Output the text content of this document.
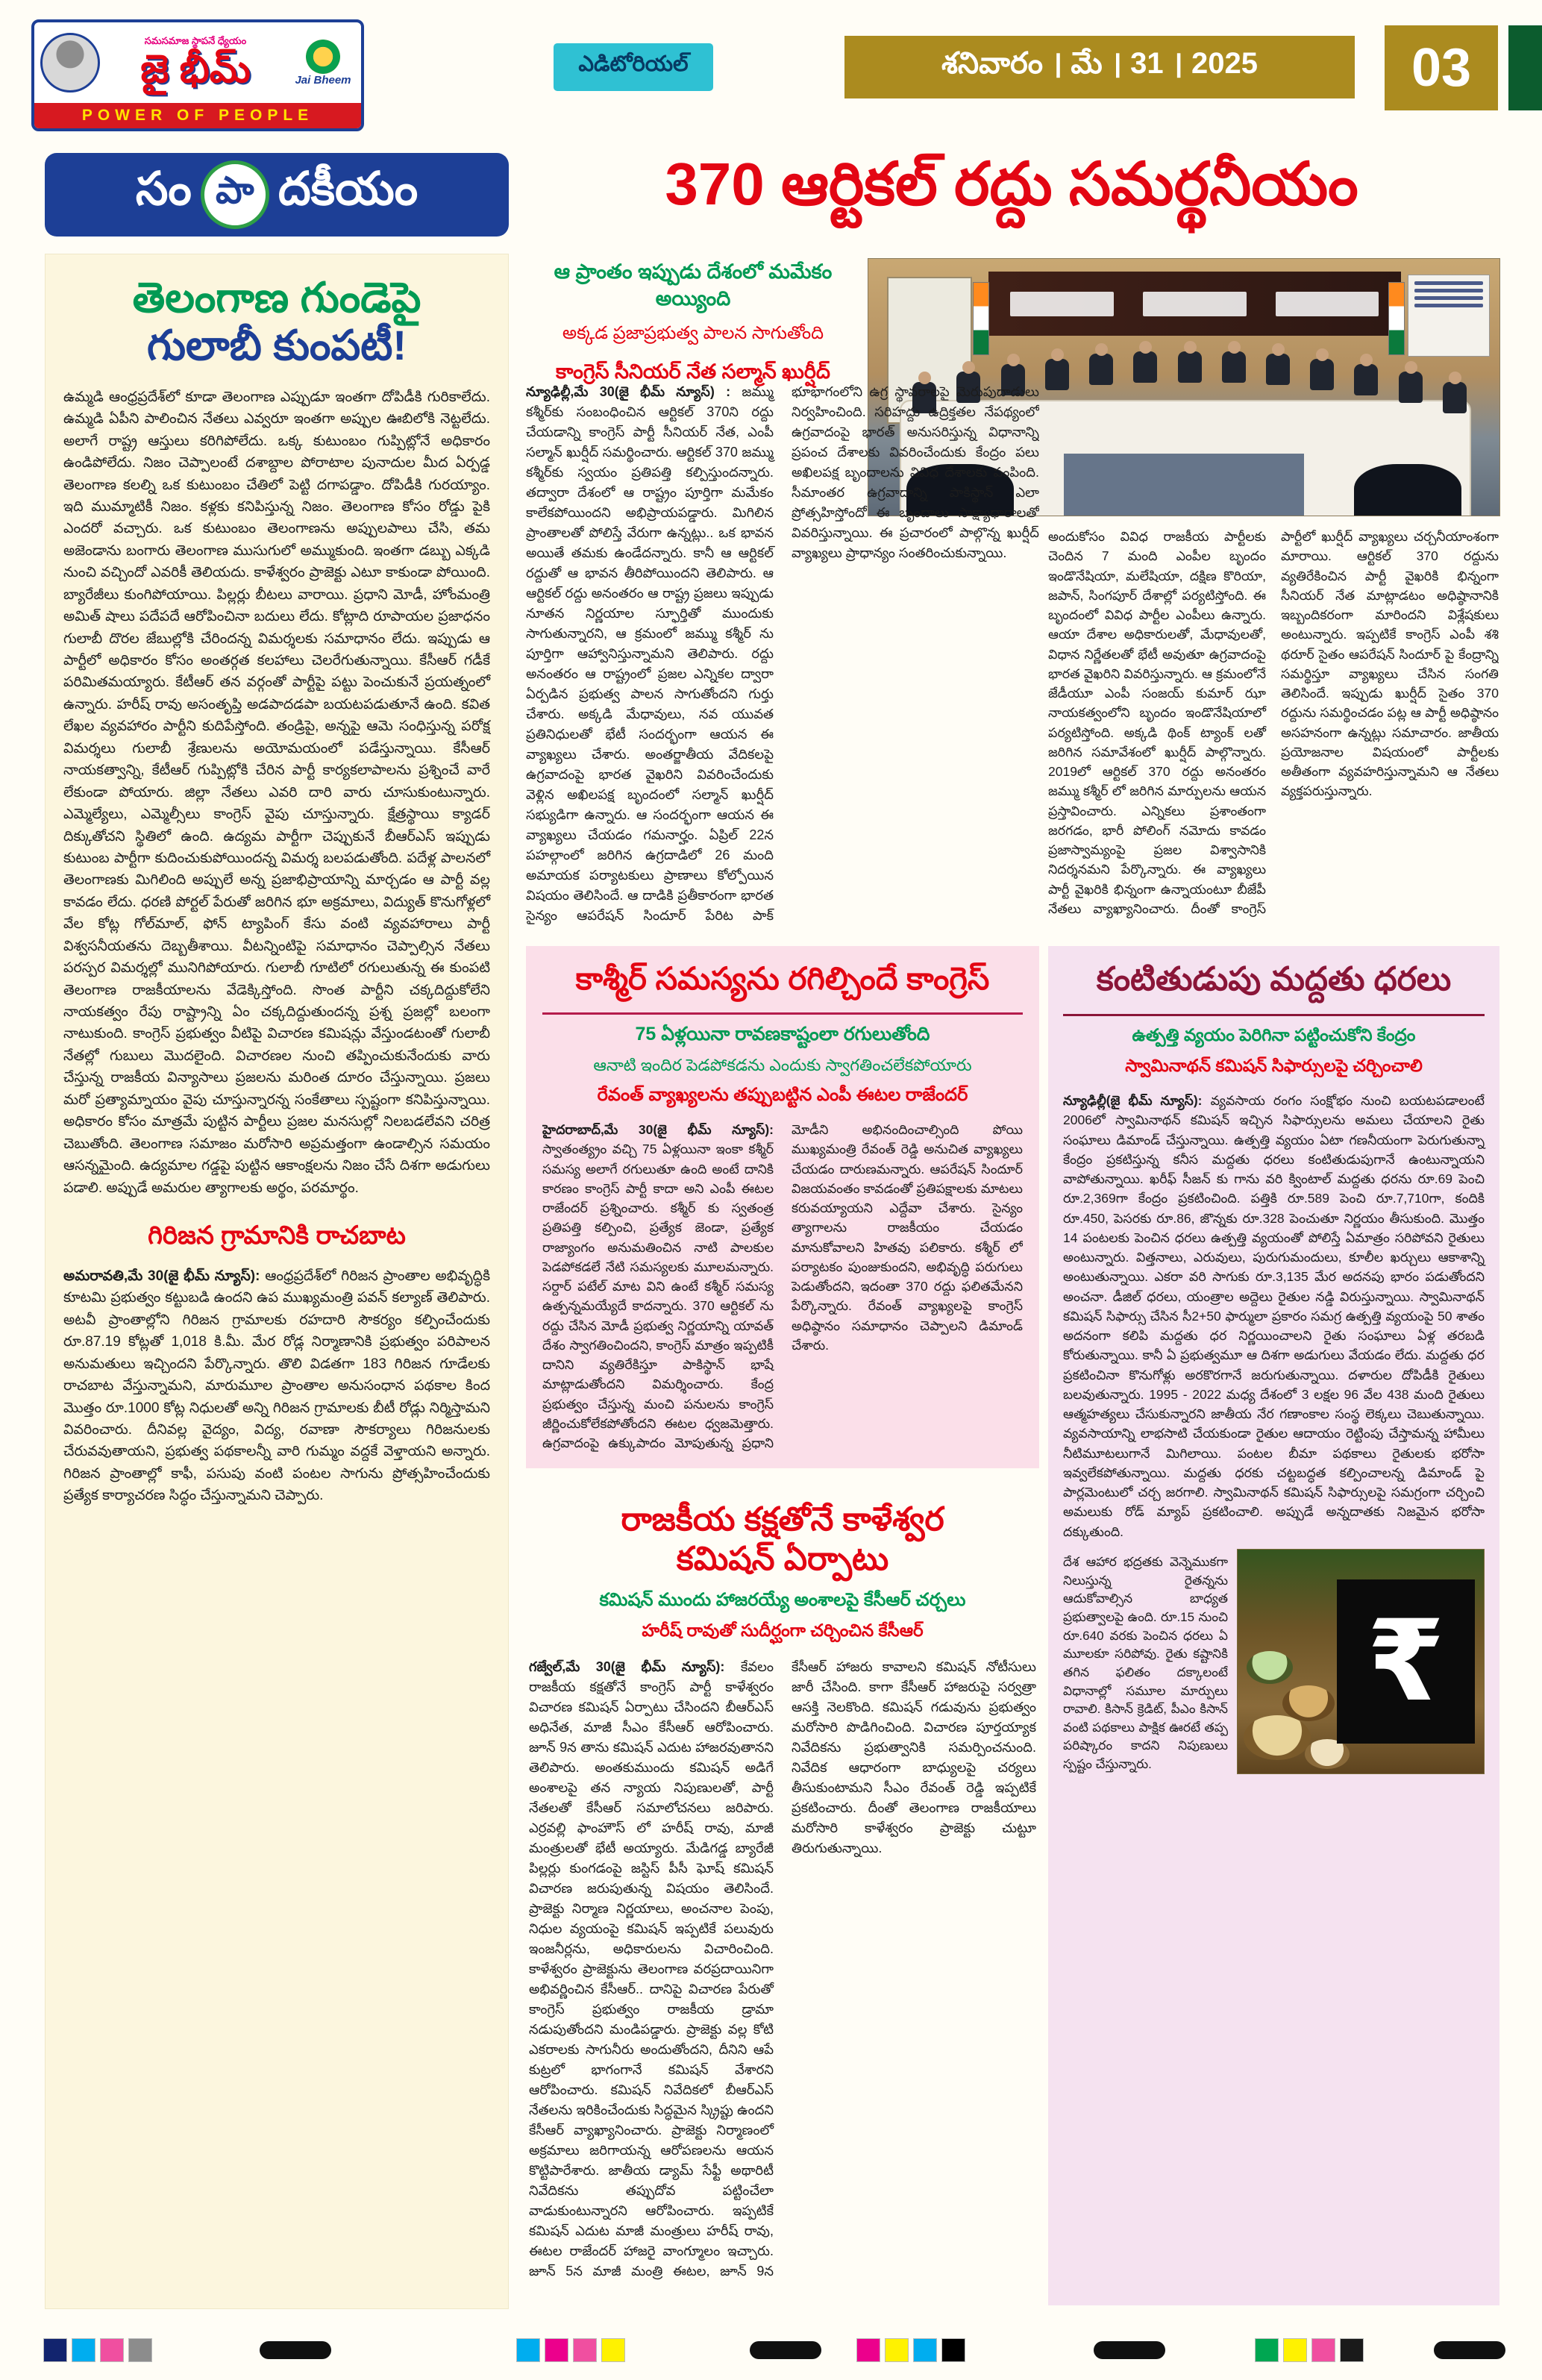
సమసమాజ స్థాపనే ధ్యేయం
జై భీమ్	Jai Bheem
POWER OF PEOPLE
ఎడిటోరియల్	శనివారం । మే । 31 । 2025	03
సం పా దకీయం	370 ఆర్టికల్ రద్దు సమర్థనీయం
తెలంగాణ గుండెపై
గులాబీ కుంపటీ!
ఉమ్మడి ఆంధ్రప్రదేశ్‌లో కూడా తెలంగాణ ఎప్పుడూ ఇంతగా దోపిడీకి గురికాలేదు. ఉమ్మడి ఏపీని పాలించిన నేతలు ఎవ్వరూ ఇంతగా అప్పుల ఊబిలోకి నెట్టలేదు. అలాగే రాష్ట్ర ఆస్తులు కరిగిపోలేదు. ఒక్క కుటుంబం గుప్పిట్లోనే అధికారం ఉండిపోలేదు. నిజం చెప్పాలంటే దశాబ్దాల పోరాటాల పునాదుల మీద ఏర్పడ్డ తెలంగాణ కలల్ని ఒక కుటుంబం చేతిలో పెట్టి దగాపడ్డాం. దోపిడీకి గురయ్యాం. ఇది ముమ్మాటికీ నిజం. కళ్లకు కనిపిస్తున్న నిజం. తెలంగాణ కోసం రోడ్డు పైకి ఎందరో వచ్చారు. ఒక కుటుంబం తెలంగాణను అప్పులపాలు చేసి, తమ అజెండాను బంగారు తెలంగాణ ముసుగులో అమ్ముకుంది. ఇంతగా డబ్బు ఎక్కడి నుంచి వచ్చిందో ఎవరికీ తెలియదు. కాళేశ్వరం ప్రాజెక్టు ఎటూ కాకుండా పోయింది. బ్యారేజీలు కుంగిపోయాయి. పిల్లర్లు బీటలు వారాయి. ప్రధాని మోడీ, హోంమంత్రి అమిత్ షాలు పదేపదే ఆరోపించినా బదులు లేదు. కోట్లాది రూపాయల ప్రజాధనం గులాబీ దొరల జేబుల్లోకి చేరిందన్న విమర్శలకు సమాధానం లేదు. ఇప్పుడు ఆ పార్టీలో అధికారం కోసం అంతర్గత కలహాలు చెలరేగుతున్నాయి. కేసీఆర్ గడీకే పరిమితమయ్యారు. కేటీఆర్ తన వర్గంతో పార్టీపై పట్టు పెంచుకునే ప్రయత్నంలో ఉన్నారు. హరీష్ రావు అసంతృప్తి అడపాదడపా బయటపడుతూనే ఉంది. కవిత లేఖల వ్యవహారం పార్టీని కుదిపేస్తోంది. తండ్రిపై, అన్నపై ఆమె సంధిస్తున్న పరోక్ష విమర్శలు గులాబీ శ్రేణులను అయోమయంలో పడేస్తున్నాయి. కేసీఆర్ నాయకత్వాన్ని, కేటీఆర్ గుప్పిట్లోకి చేరిన పార్టీ కార్యకలాపాలను ప్రశ్నించే వారే లేకుండా పోయారు. జిల్లా నేతలు ఎవరి దారి వారు చూసుకుంటున్నారు. ఎమ్మెల్యేలు, ఎమ్మెల్సీలు కాంగ్రెస్ వైపు చూస్తున్నారు. క్షేత్రస్థాయి క్యాడర్ దిక్కుతోచని స్థితిలో ఉంది. ఉద్యమ పార్టీగా చెప్పుకునే బీఆర్ఎస్ ఇప్పుడు కుటుంబ పార్టీగా కుదించుకుపోయిందన్న విమర్శ బలపడుతోంది. పదేళ్ల పాలనలో తెలంగాణకు మిగిలింది అప్పులే అన్న ప్రజాభిప్రాయాన్ని మార్చడం ఆ పార్టీ వల్ల కావడం లేదు. ధరణి పోర్టల్ పేరుతో జరిగిన భూ అక్రమాలు, విద్యుత్ కొనుగోళ్లలో వేల కోట్ల గోల్‌మాల్, ఫోన్ ట్యాపింగ్ కేసు వంటి వ్యవహారాలు పార్టీ విశ్వసనీయతను దెబ్బతీశాయి. వీటన్నింటిపై సమాధానం చెప్పాల్సిన నేతలు పరస్పర విమర్శల్లో మునిగిపోయారు. గులాబీ గూటిలో రగులుతున్న ఈ కుంపటి తెలంగాణ రాజకీయాలను వేడెక్కిస్తోంది. సొంత పార్టీని చక్కదిద్దుకోలేని నాయకత్వం రేపు రాష్ట్రాన్ని ఏం చక్కదిద్దుతుందన్న ప్రశ్న ప్రజల్లో బలంగా నాటుకుంది. కాంగ్రెస్ ప్రభుత్వం వీటిపై విచారణ కమిషన్లు వేస్తుండటంతో గులాబీ నేతల్లో గుబులు మొదలైంది. విచారణల నుంచి తప్పించుకునేందుకు వారు చేస్తున్న రాజకీయ విన్యాసాలు ప్రజలను మరింత దూరం చేస్తున్నాయి. ప్రజలు మరో ప్రత్యామ్నాయం వైపు చూస్తున్నారన్న సంకేతాలు స్పష్టంగా కనిపిస్తున్నాయి. అధికారం కోసం మాత్రమే పుట్టిన పార్టీలు ప్రజల మనసుల్లో నిలబడలేవని చరిత్ర చెబుతోంది. తెలంగాణ సమాజం మరోసారి అప్రమత్తంగా ఉండాల్సిన సమయం ఆసన్నమైంది. ఉద్యమాల గడ్డపై పుట్టిన ఆకాంక్షలను నిజం చేసే దిశగా అడుగులు పడాలి. అప్పుడే అమరుల త్యాగాలకు అర్థం, పరమార్థం.
గిరిజన గ్రామానికి రాచబాట
అమరావతి,మే 30(జై భీమ్ న్యూస్): ఆంధ్రప్రదేశ్‌లో గిరిజన ప్రాంతాల అభివృద్ధికి కూటమి ప్రభుత్వం కట్టుబడి ఉందని ఉప ముఖ్యమంత్రి పవన్ కల్యాణ్ తెలిపారు. అటవీ ప్రాంతాల్లోని గిరిజన గ్రామాలకు రహదారి సౌకర్యం కల్పించేందుకు రూ.87.19 కోట్లతో 1,018 కి.మీ. మేర రోడ్ల నిర్మాణానికి ప్రభుత్వం పరిపాలన అనుమతులు ఇచ్చిందని పేర్కొన్నారు. తొలి విడతగా 183 గిరిజన గూడేలకు రాచబాట వేస్తున్నామని, మారుమూల ప్రాంతాల అనుసంధాన పథకాల కింద మొత్తం రూ.1000 కోట్ల నిధులతో అన్ని గిరిజన గ్రామాలకు బీటీ రోడ్లు నిర్మిస్తామని వివరించారు. దీనివల్ల వైద్యం, విద్య, రవాణా సౌకర్యాలు గిరిజనులకు చేరువవుతాయని, ప్రభుత్వ పథకాలన్నీ వారి గుమ్మం వద్దకే వెళ్తాయని అన్నారు. గిరిజన ప్రాంతాల్లో కాఫీ, పసుపు వంటి పంటల సాగును ప్రోత్సహించేందుకు ప్రత్యేక కార్యాచరణ సిద్ధం చేస్తున్నామని చెప్పారు.
ఆ ప్రాంతం ఇప్పుడు దేశంలో మమేకం అయ్యింది
అక్కడ ప్రజాప్రభుత్వ పాలన సాగుతోంది
కాంగ్రెస్ సీనియర్ నేత సల్మాన్ ఖుర్షీద్
న్యూఢిల్లీ,మే 30(జై భీమ్ న్యూస్) : జమ్ము కశ్మీర్‌కు సంబంధించిన ఆర్టికల్ 370ని రద్దు చేయడాన్ని కాంగ్రెస్ పార్టీ సీనియర్ నేత, ఎంపీ సల్మాన్ ఖుర్షీద్ సమర్థించారు. ఆర్టికల్ 370 జమ్ము కశ్మీర్‌కు స్వయం ప్రతిపత్తి కల్పిస్తుందన్నారు. తద్వారా దేశంలో ఆ రాష్ట్రం పూర్తిగా మమేకం కాలేకపోయిందని అభిప్రాయపడ్డారు. మిగిలిన ప్రాంతాలతో పోలిస్తే వేరుగా ఉన్నట్లు.. ఒక భావన అయితే తమకు ఉండేదన్నారు. కానీ ఆ ఆర్టికల్ రద్దుతో ఆ భావన తీరిపోయిందని తెలిపారు. ఆ ఆర్టికల్ రద్దు అనంతరం ఆ రాష్ట్ర ప్రజలు ఇప్పుడు నూతన నిర్ణయాల స్ఫూర్తితో ముందుకు సాగుతున్నారని, ఆ క్రమంలో జమ్ము కశ్మీర్ ను పూర్తిగా ఆహ్వానిస్తున్నామని తెలిపారు. రద్దు అనంతరం ఆ రాష్ట్రంలో ప్రజల ఎన్నికల ద్వారా ఏర్పడిన ప్రభుత్వ పాలన సాగుతోందని గుర్తు చేశారు. అక్కడి మేధావులు, నవ యువత ప్రతినిధులతో భేటీ సందర్భంగా ఆయన ఈ వ్యాఖ్యలు చేశారు. అంతర్జాతీయ వేదికలపై ఉగ్రవాదంపై భారత వైఖరిని వివరించేందుకు వెళ్లిన అఖిలపక్ష బృందంలో సల్మాన్ ఖుర్షీద్ సభ్యుడిగా ఉన్నారు. ఆ సందర్భంగా ఆయన ఈ వ్యాఖ్యలు చేయడం గమనార్హం. ఏప్రిల్ 22న పహల్గాంలో జరిగిన ఉగ్రదాడిలో 26 మంది అమాయక పర్యాటకులు ప్రాణాలు కోల్పోయిన విషయం తెలిసిందే. ఆ దాడికి ప్రతీకారంగా భారత సైన్యం ఆపరేషన్ సిందూర్ పేరిట పాక్ భూభాగంలోని ఉగ్ర స్థావరాలపై మెరుపుదాడులు నిర్వహించింది. సరిహద్దు ఉద్రిక్తతల నేపథ్యంలో ఉగ్రవాదంపై భారత్ అనుసరిస్తున్న విధానాన్ని ప్రపంచ దేశాలకు వివరించేందుకు కేంద్రం పలు అఖిలపక్ష బృందాలను వివిధ దేశాలకు పంపింది. సీమాంతర ఉగ్రవాదాన్ని పాకిస్థాన్ ఎలా ప్రోత్సహిస్తోందో ఈ బృందాలు సాక్ష్యాధారాలతో వివరిస్తున్నాయి. ఈ ప్రచారంలో పాల్గొన్న ఖుర్షీద్ వ్యాఖ్యలు ప్రాధాన్యం సంతరించుకున్నాయి.
అందుకోసం వివిధ రాజకీయ పార్టీలకు చెందిన 7 మంది ఎంపీల బృందం ఇండొనేషియా, మలేషియా, దక్షిణ కొరియా, జపాన్, సింగపూర్ దేశాల్లో పర్యటిస్తోంది. ఈ బృందంలో వివిధ పార్టీల ఎంపీలు ఉన్నారు. ఆయా దేశాల అధికారులతో, మేధావులతో, విధాన నిర్ణేతలతో భేటీ అవుతూ ఉగ్రవాదంపై భారత వైఖరిని వివరిస్తున్నారు. ఆ క్రమంలోనే జేడీయూ ఎంపీ సంజయ్ కుమార్ ఝా నాయకత్వంలోని బృందం ఇండొనేషియాలో పర్యటిస్తోంది. అక్కడి థింక్ ట్యాంక్ లతో జరిగిన సమావేశంలో ఖుర్షీద్ పాల్గొన్నారు. 2019లో ఆర్టికల్ 370 రద్దు అనంతరం జమ్ము కశ్మీర్ లో జరిగిన మార్పులను ఆయన ప్రస్తావించారు. ఎన్నికలు ప్రశాంతంగా జరగడం, భారీ పోలింగ్ నమోదు కావడం ప్రజాస్వామ్యంపై ప్రజల విశ్వాసానికి నిదర్శనమని పేర్కొన్నారు. ఈ వ్యాఖ్యలు పార్టీ వైఖరికి భిన్నంగా ఉన్నాయంటూ బీజేపీ నేతలు వ్యాఖ్యానించారు. దీంతో కాంగ్రెస్ పార్టీలో ఖుర్షీద్ వ్యాఖ్యలు చర్చనీయాంశంగా మారాయి. ఆర్టికల్ 370 రద్దును వ్యతిరేకించిన పార్టీ వైఖరికి భిన్నంగా సీనియర్ నేత మాట్లాడటం అధిష్ఠానానికి ఇబ్బందికరంగా మారిందని విశ్లేషకులు అంటున్నారు. ఇప్పటికే కాంగ్రెస్ ఎంపీ శశి థరూర్ సైతం ఆపరేషన్ సిందూర్ పై కేంద్రాన్ని సమర్థిస్తూ వ్యాఖ్యలు చేసిన సంగతి తెలిసిందే. ఇప్పుడు ఖుర్షీద్ సైతం 370 రద్దును సమర్థించడం పట్ల ఆ పార్టీ అధిష్ఠానం అసహనంగా ఉన్నట్లు సమాచారం. జాతీయ ప్రయోజనాల విషయంలో పార్టీలకు అతీతంగా వ్యవహరిస్తున్నామని ఆ నేతలు వ్యక్తపరుస్తున్నారు.
కాశ్మీర్ సమస్యను రగిల్చిందే కాంగ్రెస్
75 ఏళ్లయినా రావణకాష్టంలా రగులుతోంది
ఆనాటి ఇందిర పెడపోకడను ఎందుకు స్వాగతించలేకపోయారు
రేవంత్ వ్యాఖ్యలను తప్పుబట్టిన ఎంపీ ఈటల రాజేందర్
హైదరాబాద్,మే 30(జై భీమ్ న్యూస్): స్వాతంత్య్రం వచ్చి 75 ఏళ్లయినా ఇంకా కశ్మీర్ సమస్య అలాగే రగులుతూ ఉంది అంటే దానికి కారణం కాంగ్రెస్ పార్టీ కాదా అని ఎంపీ ఈటల రాజేందర్ ప్రశ్నించారు. కశ్మీర్ కు స్వతంత్ర ప్రతిపత్తి కల్పించి, ప్రత్యేక జెండా, ప్రత్యేక రాజ్యాంగం అనుమతించిన నాటి పాలకుల పెడపోకడలే నేటి సమస్యలకు మూలమన్నారు. సర్దార్ పటేల్ మాట విని ఉంటే కశ్మీర్ సమస్య ఉత్పన్నమయ్యేదే కాదన్నారు. 370 ఆర్టికల్ ను రద్దు చేసిన మోడీ ప్రభుత్వ నిర్ణయాన్ని యావత్ దేశం స్వాగతించిందని, కాంగ్రెస్ మాత్రం ఇప్పటికీ దానిని వ్యతిరేకిస్తూ పాకిస్థాన్ భాషే మాట్లాడుతోందని విమర్శించారు. కేంద్ర ప్రభుత్వం చేస్తున్న మంచి పనులను కాంగ్రెస్ జీర్ణించుకోలేకపోతోందని ఈటల ధ్వజమెత్తారు. ఉగ్రవాదంపై ఉక్కుపాదం మోపుతున్న ప్రధాని మోడీని అభినందించాల్సింది పోయి ముఖ్యమంత్రి రేవంత్ రెడ్డి అనుచిత వ్యాఖ్యలు చేయడం దారుణమన్నారు. ఆపరేషన్ సిందూర్ విజయవంతం కావడంతో ప్రతిపక్షాలకు మాటలు కరువయ్యాయని ఎద్దేవా చేశారు. సైన్యం త్యాగాలను రాజకీయం చేయడం మానుకోవాలని హితవు పలికారు. కశ్మీర్ లో పర్యాటకం పుంజుకుందని, అభివృద్ధి పరుగులు పెడుతోందని, ఇదంతా 370 రద్దు ఫలితమేనని పేర్కొన్నారు. రేవంత్ వ్యాఖ్యలపై కాంగ్రెస్ అధిష్ఠానం సమాధానం చెప్పాలని డిమాండ్ చేశారు.
రాజకీయ కక్షతోనే కాళేశ్వర
కమిషన్ ఏర్పాటు
కమిషన్ ముందు హాజరయ్యే అంశాలపై కేసీఆర్ చర్చలు
హరీష్ రావుతో సుదీర్ఘంగా చర్చించిన కేసీఆర్
గజ్వేల్,మే 30(జై భీమ్ న్యూస్): కేవలం రాజకీయ కక్షతోనే కాంగ్రెస్ పార్టీ కాళేశ్వరం విచారణ కమిషన్ ఏర్పాటు చేసిందని బీఆర్ఎస్ అధినేత, మాజీ సీఎం కేసీఆర్ ఆరోపించారు. జూన్ 9న తాను కమిషన్ ఎదుట హాజరవుతానని తెలిపారు. అంతకుముందు కమిషన్ అడిగే అంశాలపై తన న్యాయ నిపుణులతో, పార్టీ నేతలతో కేసీఆర్ సమాలోచనలు జరిపారు. ఎర్రవల్లి ఫాంహౌస్ లో హరీష్ రావు, మాజీ మంత్రులతో భేటీ అయ్యారు. మేడిగడ్డ బ్యారేజీ పిల్లర్లు కుంగడంపై జస్టిస్ పీసీ ఘోష్ కమిషన్ విచారణ జరుపుతున్న విషయం తెలిసిందే. ప్రాజెక్టు నిర్మాణ నిర్ణయాలు, అంచనాల పెంపు, నిధుల వ్యయంపై కమిషన్ ఇప్పటికే పలువురు ఇంజనీర్లను, అధికారులను విచారించింది. కాళేశ్వరం ప్రాజెక్టును తెలంగాణ వరప్రదాయినిగా అభివర్ణించిన కేసీఆర్.. దానిపై విచారణ పేరుతో కాంగ్రెస్ ప్రభుత్వం రాజకీయ డ్రామా నడుపుతోందని మండిపడ్డారు. ప్రాజెక్టు వల్ల కోటి ఎకరాలకు సాగునీరు అందుతోందని, దీనిని ఆపే కుట్రలో భాగంగానే కమిషన్ వేశారని ఆరోపించారు. కమిషన్ నివేదికలో బీఆర్ఎస్ నేతలను ఇరికించేందుకు సిద్ధమైన స్క్రిప్టు ఉందని కేసీఆర్ వ్యాఖ్యానించారు. ప్రాజెక్టు నిర్మాణంలో అక్రమాలు జరిగాయన్న ఆరోపణలను ఆయన కొట్టిపారేశారు. జాతీయ డ్యామ్ సేఫ్టీ అథారిటీ నివేదికను తప్పుదోవ పట్టించేలా వాడుకుంటున్నారని ఆరోపించారు. ఇప్పటికే కమిషన్ ఎదుట మాజీ మంత్రులు హరీష్ రావు, ఈటల రాజేందర్ హాజరై వాంగ్మూలం ఇచ్చారు. జూన్ 5న మాజీ మంత్రి ఈటల, జూన్ 9న కేసీఆర్ హాజరు కావాలని కమిషన్ నోటీసులు జారీ చేసింది. కాగా కేసీఆర్ హాజరుపై సర్వత్రా ఆసక్తి నెలకొంది. కమిషన్ గడువును ప్రభుత్వం మరోసారి పొడిగించింది. విచారణ పూర్తయ్యాక నివేదికను ప్రభుత్వానికి సమర్పించనుంది. నివేదిక ఆధారంగా బాధ్యులపై చర్యలు తీసుకుంటామని సీఎం రేవంత్ రెడ్డి ఇప్పటికే ప్రకటించారు. దీంతో తెలంగాణ రాజకీయాలు మరోసారి కాళేశ్వరం ప్రాజెక్టు చుట్టూ తిరుగుతున్నాయి.
కంటితుడుపు మద్దతు ధరలు
ఉత్పత్తి వ్యయం పెరిగినా పట్టించుకోని కేంద్రం
స్వామినాథన్ కమిషన్ సిఫార్సులపై చర్చించాలి
న్యూఢిల్లీ(జై భీమ్ న్యూస్): వ్యవసాయ రంగం సంక్షోభం నుంచి బయటపడాలంటే 2006లో స్వామినాథన్ కమిషన్ ఇచ్చిన సిఫార్సులను అమలు చేయాలని రైతు సంఘాలు డిమాండ్ చేస్తున్నాయి. ఉత్పత్తి వ్యయం ఏటా గణనీయంగా పెరుగుతున్నా కేంద్రం ప్రకటిస్తున్న కనీస మద్దతు ధరలు కంటితుడుపుగానే ఉంటున్నాయని వాపోతున్నాయి. ఖరీఫ్ సీజన్ కు గాను వరి క్వింటాల్ మద్దతు ధరను రూ.69 పెంచి రూ.2,369గా కేంద్రం ప్రకటించింది. పత్తికి రూ.589 పెంచి రూ.7,710గా, కందికి రూ.450, పెసరకు రూ.86, జొన్నకు రూ.328 పెంచుతూ నిర్ణయం తీసుకుంది. మొత్తం 14 పంటలకు పెంచిన ధరలు ఉత్పత్తి వ్యయంతో పోలిస్తే ఏమాత్రం సరిపోవని రైతులు అంటున్నారు. విత్తనాలు, ఎరువులు, పురుగుమందులు, కూలీల ఖర్చులు ఆకాశాన్ని అంటుతున్నాయి. ఎకరా వరి సాగుకు రూ.3,135 మేర అదనపు భారం పడుతోందని అంచనా. డీజిల్ ధరలు, యంత్రాల అద్దెలు రైతుల నడ్డి విరుస్తున్నాయి. స్వామినాథన్ కమిషన్ సిఫార్సు చేసిన సీ2+50 ఫార్ములా ప్రకారం సమగ్ర ఉత్పత్తి వ్యయంపై 50 శాతం అదనంగా కలిపి మద్దతు ధర నిర్ణయించాలని రైతు సంఘాలు ఏళ్ల తరబడి కోరుతున్నాయి. కానీ ఏ ప్రభుత్వమూ ఆ దిశగా అడుగులు వేయడం లేదు. మద్దతు ధర ప్రకటించినా కొనుగోళ్లు అరకొరగానే జరుగుతున్నాయి. దళారుల దోపిడీకి రైతులు బలవుతున్నారు. 1995 - 2022 మధ్య దేశంలో 3 లక్షల 96 వేల 438 మంది రైతులు ఆత్మహత్యలు చేసుకున్నారని జాతీయ నేర గణాంకాల సంస్థ లెక్కలు చెబుతున్నాయి. వ్యవసాయాన్ని లాభసాటి చేయకుండా రైతుల ఆదాయం రెట్టింపు చేస్తామన్న హామీలు నీటిమూటలుగానే మిగిలాయి. పంటల బీమా పథకాలు రైతులకు భరోసా ఇవ్వలేకపోతున్నాయి. మద్దతు ధరకు చట్టబద్ధత కల్పించాలన్న డిమాండ్ పై పార్లమెంటులో చర్చ జరగాలి. స్వామినాథన్ కమిషన్ సిఫార్సులపై సమగ్రంగా చర్చించి అమలుకు రోడ్ మ్యాప్ ప్రకటించాలి. అప్పుడే అన్నదాతకు నిజమైన భరోసా దక్కుతుంది.
దేశ ఆహార భద్రతకు వెన్నెముకగా నిలుస్తున్న రైతన్నను ఆదుకోవాల్సిన బాధ్యత ప్రభుత్వాలపై ఉంది. రూ.15 నుంచి రూ.640 వరకు పెంచిన ధరలు ఏ మూలకూ సరిపోవు. రైతు కష్టానికి తగిన ఫలితం దక్కాలంటే విధానాల్లో సమూల మార్పులు రావాలి. కిసాన్ క్రెడిట్, పీఎం కిసాన్ వంటి పథకాలు పాక్షిక ఊరటే తప్ప పరిష్కారం కాదని నిపుణులు స్పష్టం చేస్తున్నారు.
₹
